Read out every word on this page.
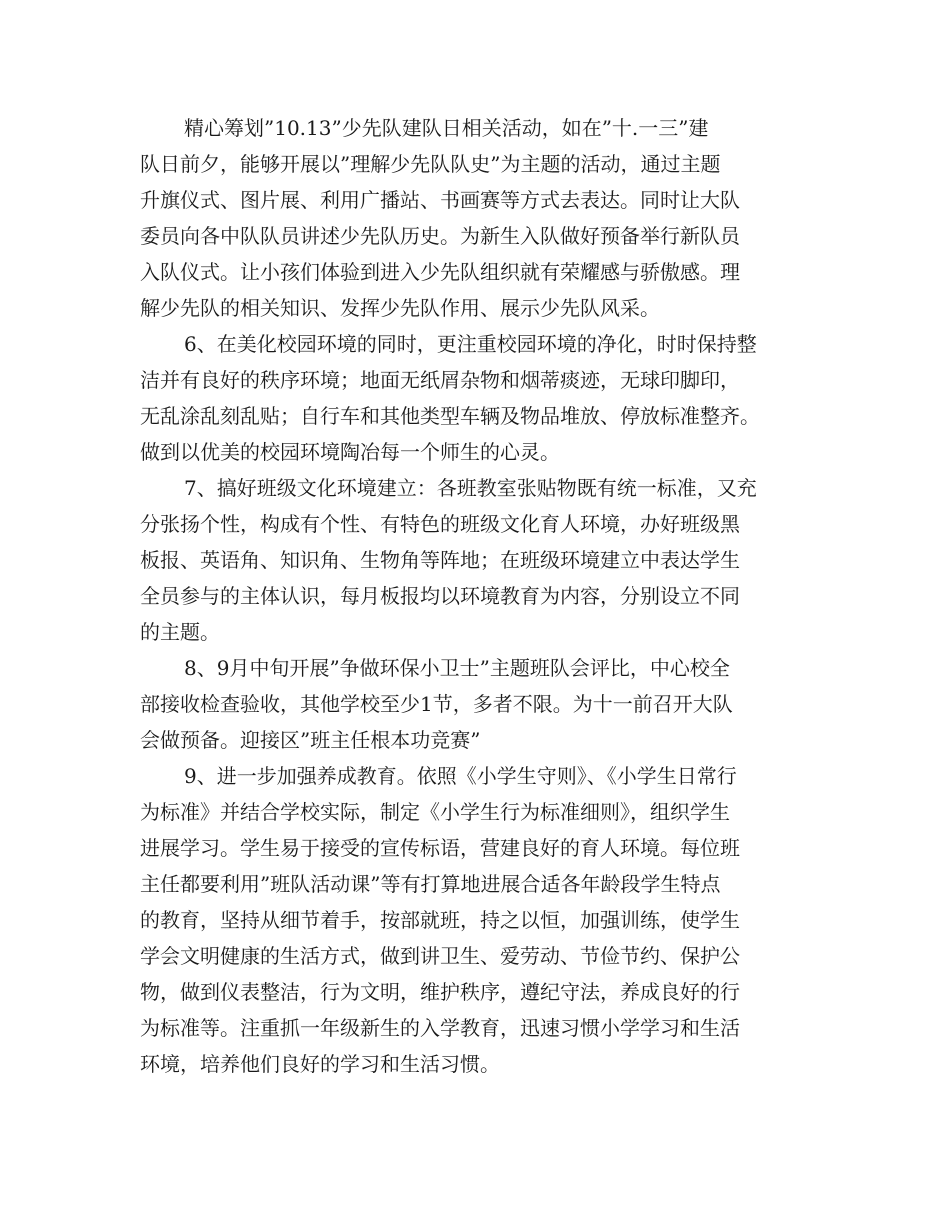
精心筹划”10.13”少先队建队日相关活动，如在”十.一三”建
队日前夕，能够开展以”理解少先队队史”为主题的活动，通过主题
升旗仪式、图片展、利用广播站、书画赛等方式去表达。同时让大队
委员向各中队队员讲述少先队历史。为新生入队做好预备举行新队员
入队仪式。让小孩们体验到进入少先队组织就有荣耀感与骄傲感。理
解少先队的相关知识、发挥少先队作用、展示少先队风采。
6、在美化校园环境的同时，更注重校园环境的净化，时时保持整
洁并有良好的秩序环境；地面无纸屑杂物和烟蒂痰迹，无球印脚印，
无乱涂乱刻乱贴；自行车和其他类型车辆及物品堆放、停放标准整齐。
做到以优美的校园环境陶冶每一个师生的心灵。
7、搞好班级文化环境建立：各班教室张贴物既有统一标准，又充
分张扬个性，构成有个性、有特色的班级文化育人环境，办好班级黑
板报、英语角、知识角、生物角等阵地；在班级环境建立中表达学生
全员参与的主体认识，每月板报均以环境教育为内容，分别设立不同
的主题。
8、9月中旬开展”争做环保小卫士”主题班队会评比，中心校全
部接收检查验收，其他学校至少1节，多者不限。为十一前召开大队
会做预备。迎接区”班主任根本功竞赛”
9、进一步加强养成教育。依照《小学生守则》、《小学生日常行
为标准》并结合学校实际，制定《小学生行为标准细则》，组织学生
进展学习。学生易于接受的宣传标语，营建良好的育人环境。每位班
主任都要利用”班队活动课”等有打算地进展合适各年龄段学生特点
的教育，坚持从细节着手，按部就班，持之以恒，加强训练，使学生
学会文明健康的生活方式，做到讲卫生、爱劳动、节俭节约、保护公
物，做到仪表整洁，行为文明，维护秩序，遵纪守法，养成良好的行
为标准等。注重抓一年级新生的入学教育，迅速习惯小学学习和生活
环境，培养他们良好的学习和生活习惯。
